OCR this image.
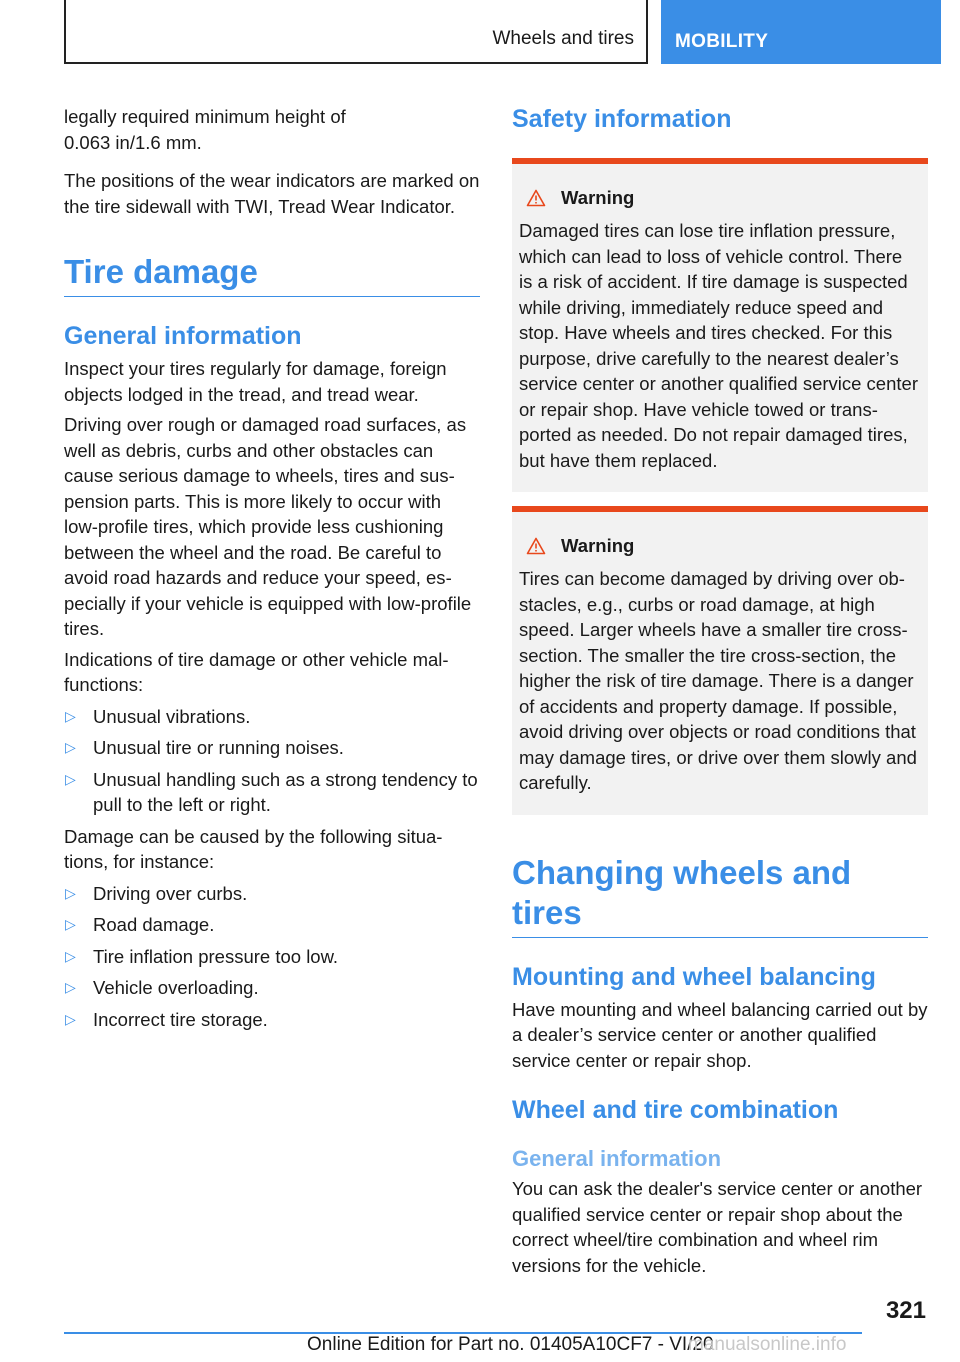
Wheels and tires	MOBILITY

legally required minimum height of 0.063 in/1.6 mm.

The positions of the wear indicators are marked on the tire sidewall with TWI, Tread Wear Indicator.

Tire damage
General information

Inspect your tires regularly for damage, foreign objects lodged in the tread, and tread wear.

Driving over rough or damaged road surfaces, as well as debris, curbs and other obstacles can cause serious damage to wheels, tires and suspension parts. This is more likely to occur with low-profile tires, which provide less cushioning between the wheel and the road. Be careful to avoid road hazards and reduce your speed, especially if your vehicle is equipped with low-profile tires.

Indications of tire damage or other vehicle malfunctions:

▷ Unusual vibrations.
▷ Unusual tire or running noises.
▷ Unusual handling such as a strong tendency to pull to the left or right.

Damage can be caused by the following situations, for instance:

▷ Driving over curbs.
▷ Road damage.
▷ Tire inflation pressure too low.
▷ Vehicle overloading.
▷ Incorrect tire storage.
Safety information
Warning

Damaged tires can lose tire inflation pressure, which can lead to loss of vehicle control. There is a risk of accident. If tire damage is suspected while driving, immediately reduce speed and stop. Have wheels and tires checked. For this purpose, drive carefully to the nearest dealer’s service center or another qualified service center or repair shop. Have vehicle towed or transported as needed. Do not repair damaged tires, but have them replaced.

Warning

Tires can become damaged by driving over obstacles, e.g., curbs or road damage, at high speed. Larger wheels have a smaller tire cross-section. The smaller the tire cross-section, the higher the risk of tire damage. There is a danger of accidents and property damage. If possible, avoid driving over objects or road conditions that may damage tires, or drive over them slowly and carefully.

Changing wheels and tires
Mounting and wheel balancing

Have mounting and wheel balancing carried out by a dealer’s service center or another qualified service center or repair shop.

Wheel and tire combination
General information

You can ask the dealer's service center or another qualified service center or repair shop about the correct wheel/tire combination and wheel rim versions for the vehicle.

321
Online Edition for Part no. 01405A10CF7 - VI/20
manualsonline.info
